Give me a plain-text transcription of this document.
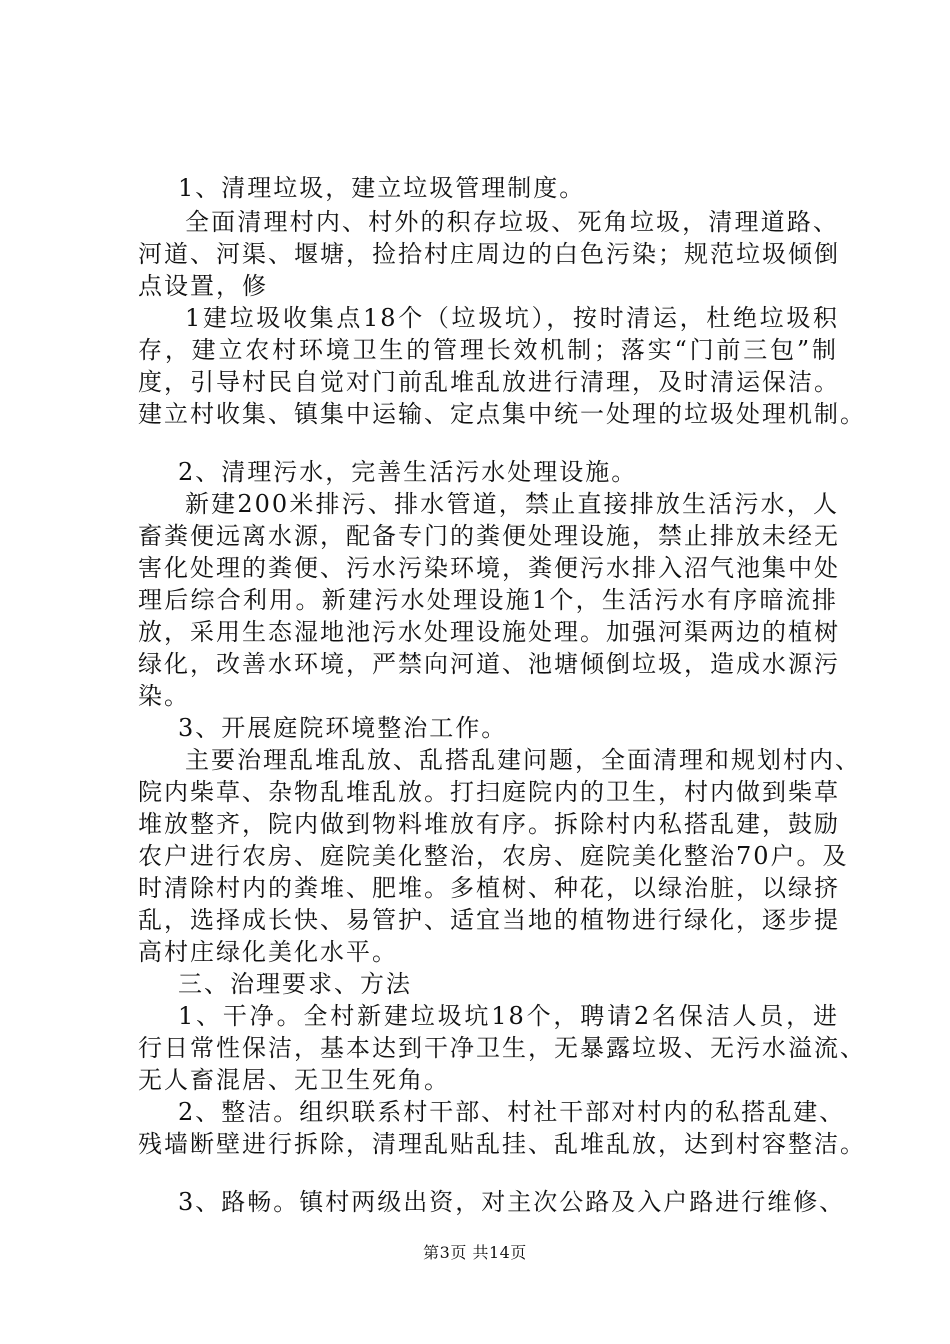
1、清理垃圾，建立垃圾管理制度。
全面清理村内、村外的积存垃圾、死角垃圾，清理道路、
河道、河渠、堰塘，捡拾村庄周边的白色污染；规范垃圾倾倒
点设置，修
1建垃圾收集点18个（垃圾坑），按时清运，杜绝垃圾积
存，建立农村环境卫生的管理长效机制；落实“门前三包”制
度，引导村民自觉对门前乱堆乱放进行清理，及时清运保洁。
建立村收集、镇集中运输、定点集中统一处理的垃圾处理机制。
2、清理污水，完善生活污水处理设施。
新建200米排污、排水管道，禁止直接排放生活污水，人
畜粪便远离水源，配备专门的粪便处理设施，禁止排放未经无
害化处理的粪便、污水污染环境，粪便污水排入沼气池集中处
理后综合利用。新建污水处理设施1个，生活污水有序暗流排
放，采用生态湿地池污水处理设施处理。加强河渠两边的植树
绿化，改善水环境，严禁向河道、池塘倾倒垃圾，造成水源污
染。
3、开展庭院环境整治工作。
主要治理乱堆乱放、乱搭乱建问题，全面清理和规划村内、
院内柴草、杂物乱堆乱放。打扫庭院内的卫生，村内做到柴草
堆放整齐，院内做到物料堆放有序。拆除村内私搭乱建，鼓励
农户进行农房、庭院美化整治，农房、庭院美化整治70户。及
时清除村内的粪堆、肥堆。多植树、种花，以绿治脏，以绿挤
乱，选择成长快、易管护、适宜当地的植物进行绿化，逐步提
高村庄绿化美化水平。
三、治理要求、方法
1、干净。全村新建垃圾坑18个，聘请2名保洁人员，进
行日常性保洁，基本达到干净卫生，无暴露垃圾、无污水溢流、
无人畜混居、无卫生死角。
2、整洁。组织联系村干部、村社干部对村内的私搭乱建、
残墙断壁进行拆除，清理乱贴乱挂、乱堆乱放，达到村容整洁。
3、路畅。镇村两级出资，对主次公路及入户路进行维修、
第3页 共14页
